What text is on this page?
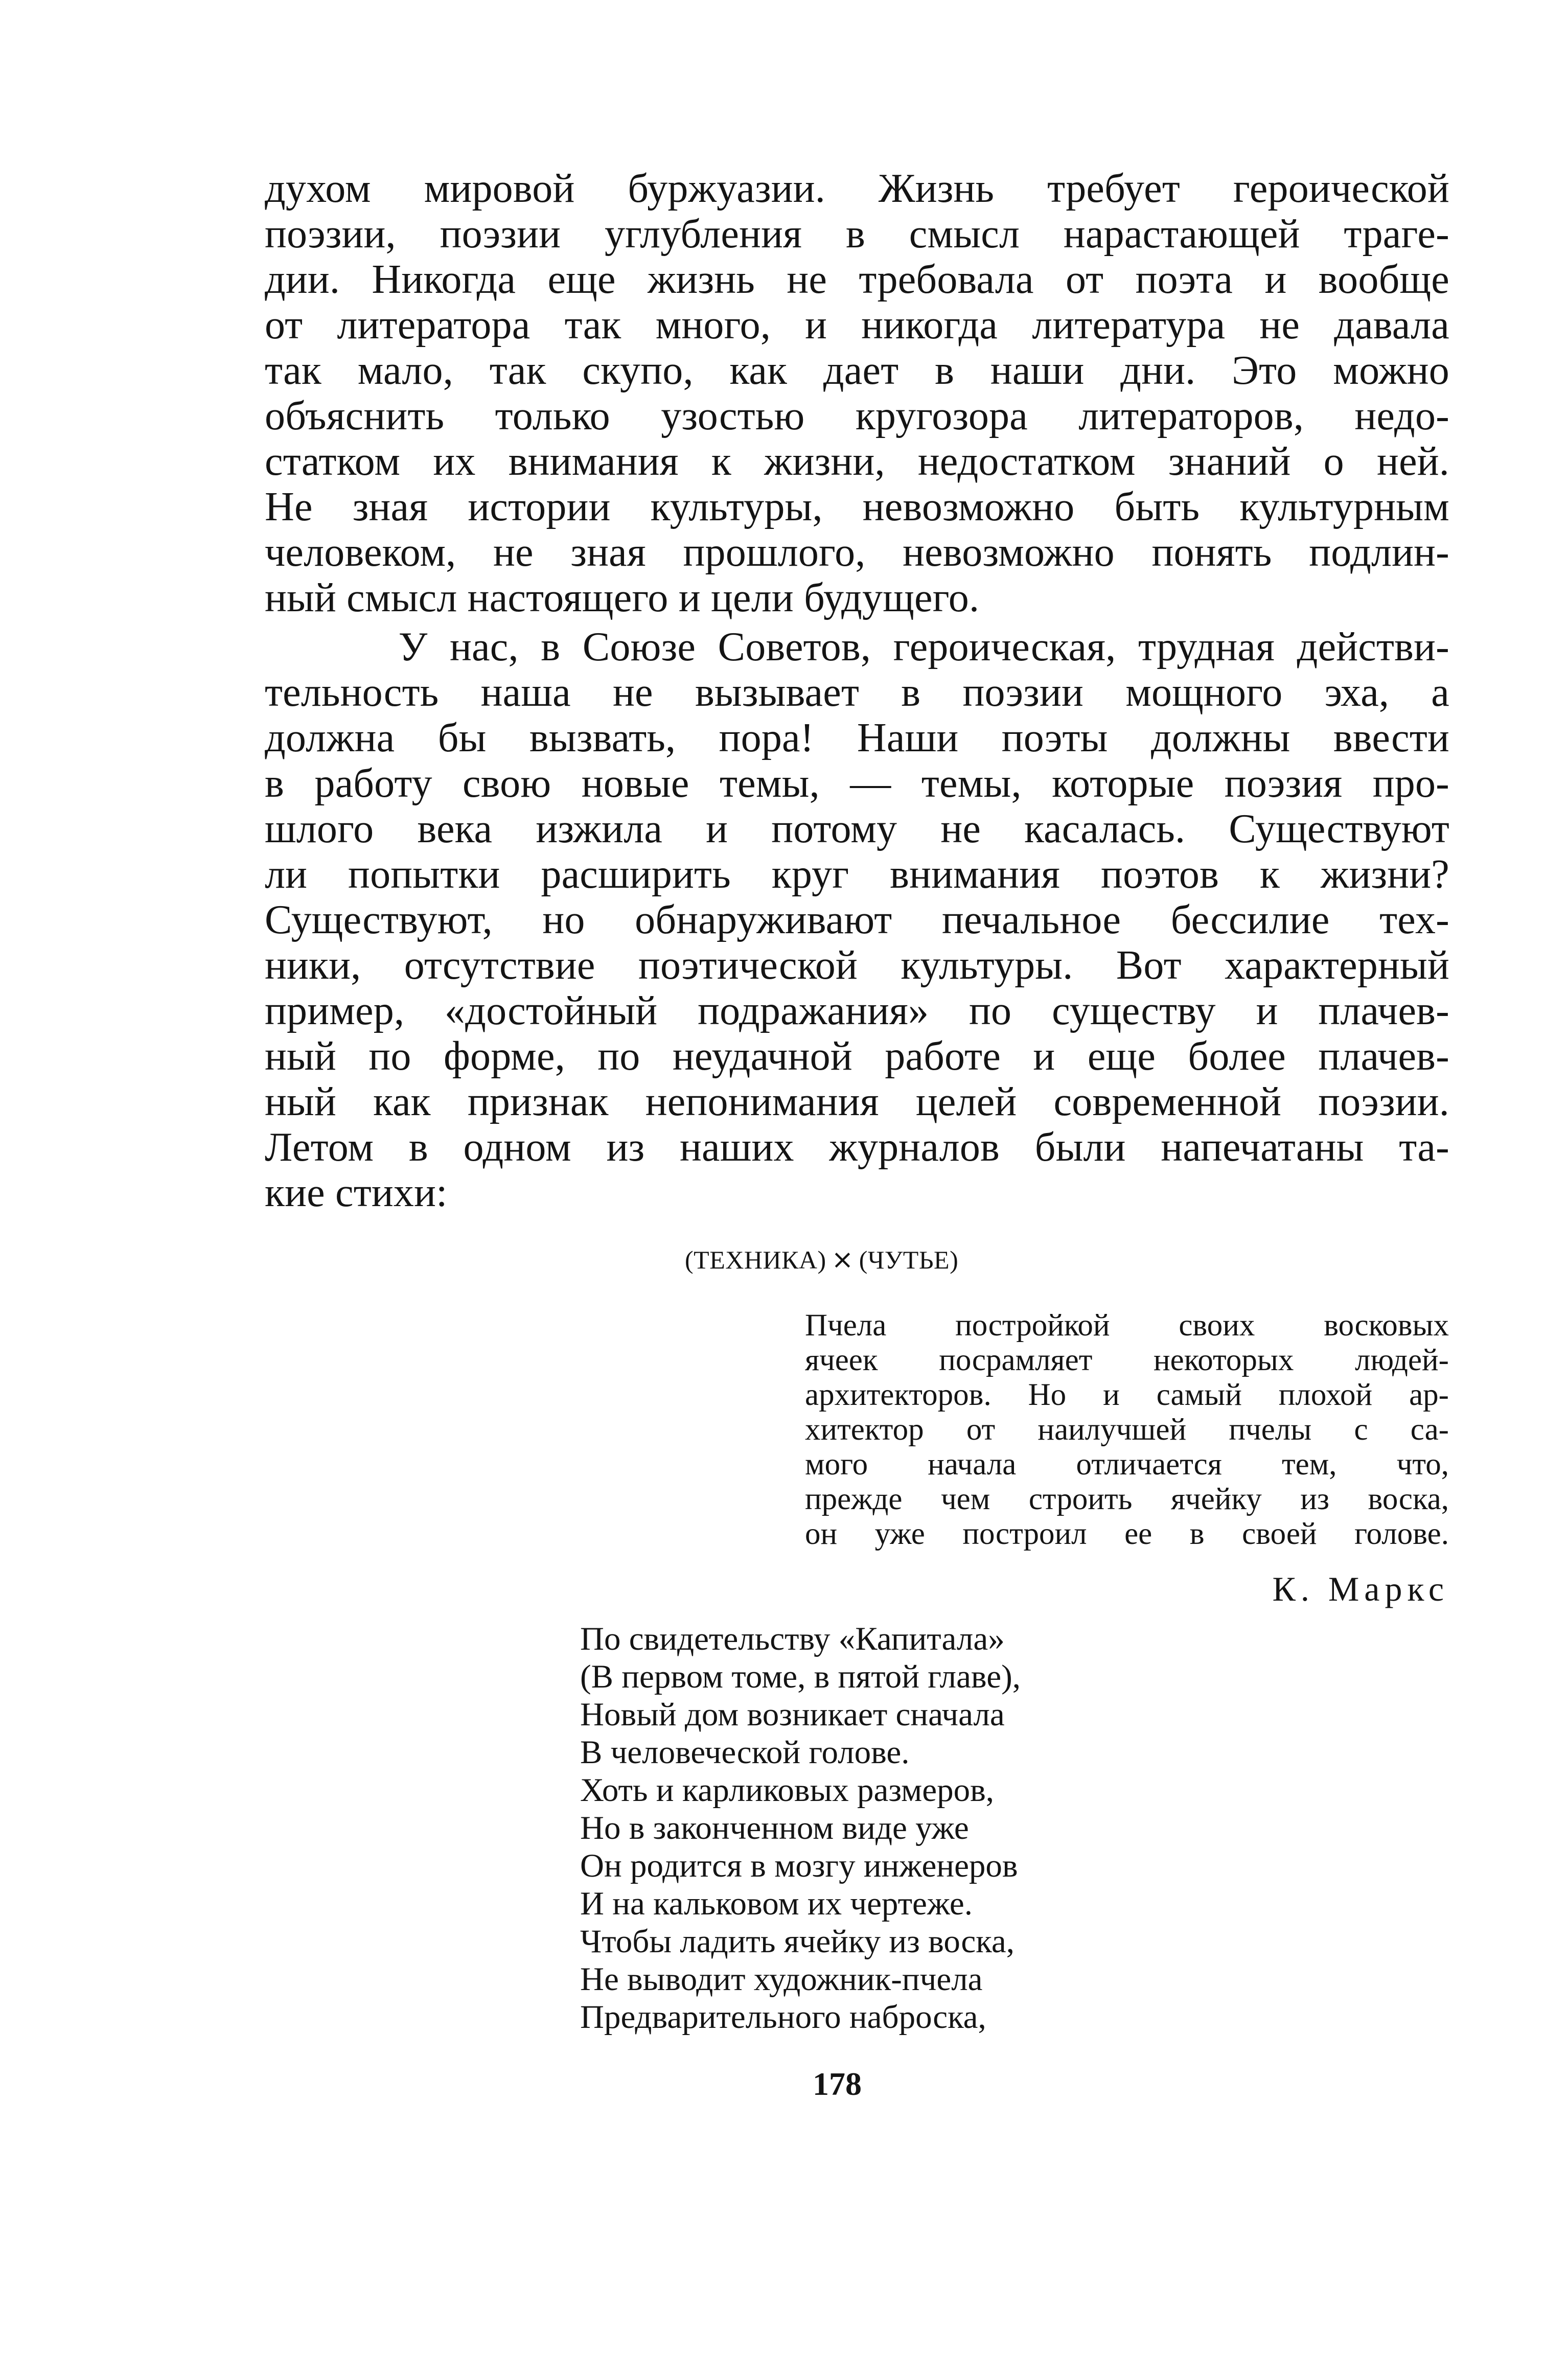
духом мировой буржуазии. Жизнь требует героической
поэзии, поэзии углубления в смысл нарастающей траге-
дии. Никогда еще жизнь не требовала от поэта и вообще
от литератора так много, и никогда литература не давала
так мало, так скупо, как дает в наши дни. Это можно
объяснить только узостью кругозора литераторов, недо-
статком их внимания к жизни, недостатком знаний о ней.
Не зная истории культуры, невозможно быть культурным
человеком, не зная прошлого, невозможно понять подлин-
ный смысл настоящего и цели будущего.
У нас, в Союзе Советов, героическая, трудная действи-
тельность наша не вызывает в поэзии мощного эха, а
должна бы вызвать, пора! Наши поэты должны ввести
в работу свою новые темы, — темы, которые поэзия про-
шлого века изжила и потому не касалась. Существуют
ли попытки расширить круг внимания поэтов к жизни?
Существуют, но обнаруживают печальное бессилие тех-
ники, отсутствие поэтической культуры. Вот характерный
пример, «достойный подражания» по существу и плачев-
ный по форме, по неудачной работе и еще более плачев-
ный как признак непонимания целей современной поэзии.
Летом в одном из наших журналов были напечатаны та-
кие стихи:
(ТЕХНИКА) × (ЧУТЬЕ)
Пчела постройкой своих восковых
ячеек посрамляет некоторых людей-
архитекторов. Но и самый плохой ар-
хитектор от наилучшей пчелы с са-
мого начала отличается тем, что,
прежде чем строить ячейку из воска,
он уже построил ее в своей голове.
К. Маркс
По свидетельству «Капитала»
(В первом томе, в пятой главе),
Новый дом возникает сначала
В человеческой голове.
Хоть и карликовых размеров,
Но в законченном виде уже
Он родится в мозгу инженеров
И на кальковом их чертеже.
Чтобы ладить ячейку из воска,
Не выводит художник-пчела
Предварительного наброска,
178
